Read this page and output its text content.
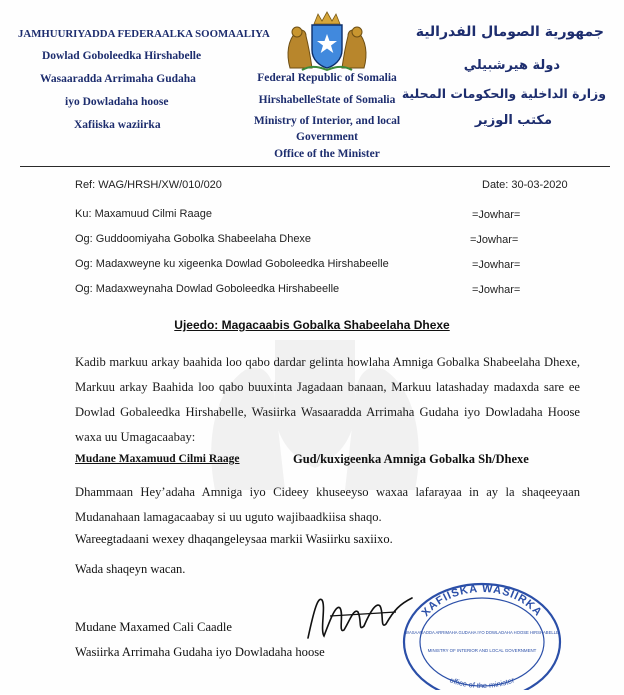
JAMHUURIYADDA FEDERAALKA SOOMAALIYA
Dowlad Goboleedka Hirshabelle
Wasaaradda Arrimaha Gudaha
iyo Dowladaha hoose
Xafiiska waziirka
Federal Republic of Somalia
HirshabelleState of Somalia
Ministry of Interior, and local
Government
Office of the Minister
جمهورية الصومال الفدرالية
دولة هيرشبيلي
وزارة الداخلية والحكومات المحلية
مكتب الوزير
Ref: WAG/HRSH/XW/010/020	Date: 30-03-2020
Ku: Maxamuud Cilmi Raage	=Jowhar=
Og: Guddoomiyaha Gobolka Shabeelaha Dhexe	=Jowhar=
Og: Madaxweyne ku xigeenka Dowlad Goboleedka Hirshabeelle	=Jowhar=
Og: Madaxweynaha Dowlad Goboleedka Hirshabeelle	=Jowhar=
Ujeedo: Magacaabis Gobalka Shabeelaha Dhexe
Kadib markuu arkay baahida loo qabo dardar gelinta howlaha Amniga Gobalka Shabeelaha Dhexe, Markuu arkay Baahida loo qabo buuxinta Jagadaan banaan, Markuu latashaday madaxda sare ee Dowlad Gobaleedka Hirshabelle, Wasiirka Wasaaradda Arrimaha Gudaha iyo Dowladaha Hoose waxa uu Umagacaabay:
Mudane Maxamuud Cilmi Raage	Gud/kuxigeenka Amniga Gobalka Sh/Dhexe
Dhammaan Hey’adaha Amniga iyo Cideey khuseeyso waxaa lafarayaa in ay la shaqeeyaan Mudanahaan lamagacaabay si uu uguto wajibaadkiisa shaqo.
Wareegtadaani wexey dhaqangeleysaa markii Wasiirku saxiixo.
Wada shaqeyn wacan.
XAFIISKA WASIIRKA
office of the minister
WASAARADDA ARRIMAHA GUDAHA IYO DOWLADAHA HOOSE HIRSHABELLE
MINISTRY OF INTERIOR AND LOCAL GOVERNMENT
Mudane Maxamed Cali Caadle
Wasiirka Arrimaha Gudaha iyo Dowladaha hoose
